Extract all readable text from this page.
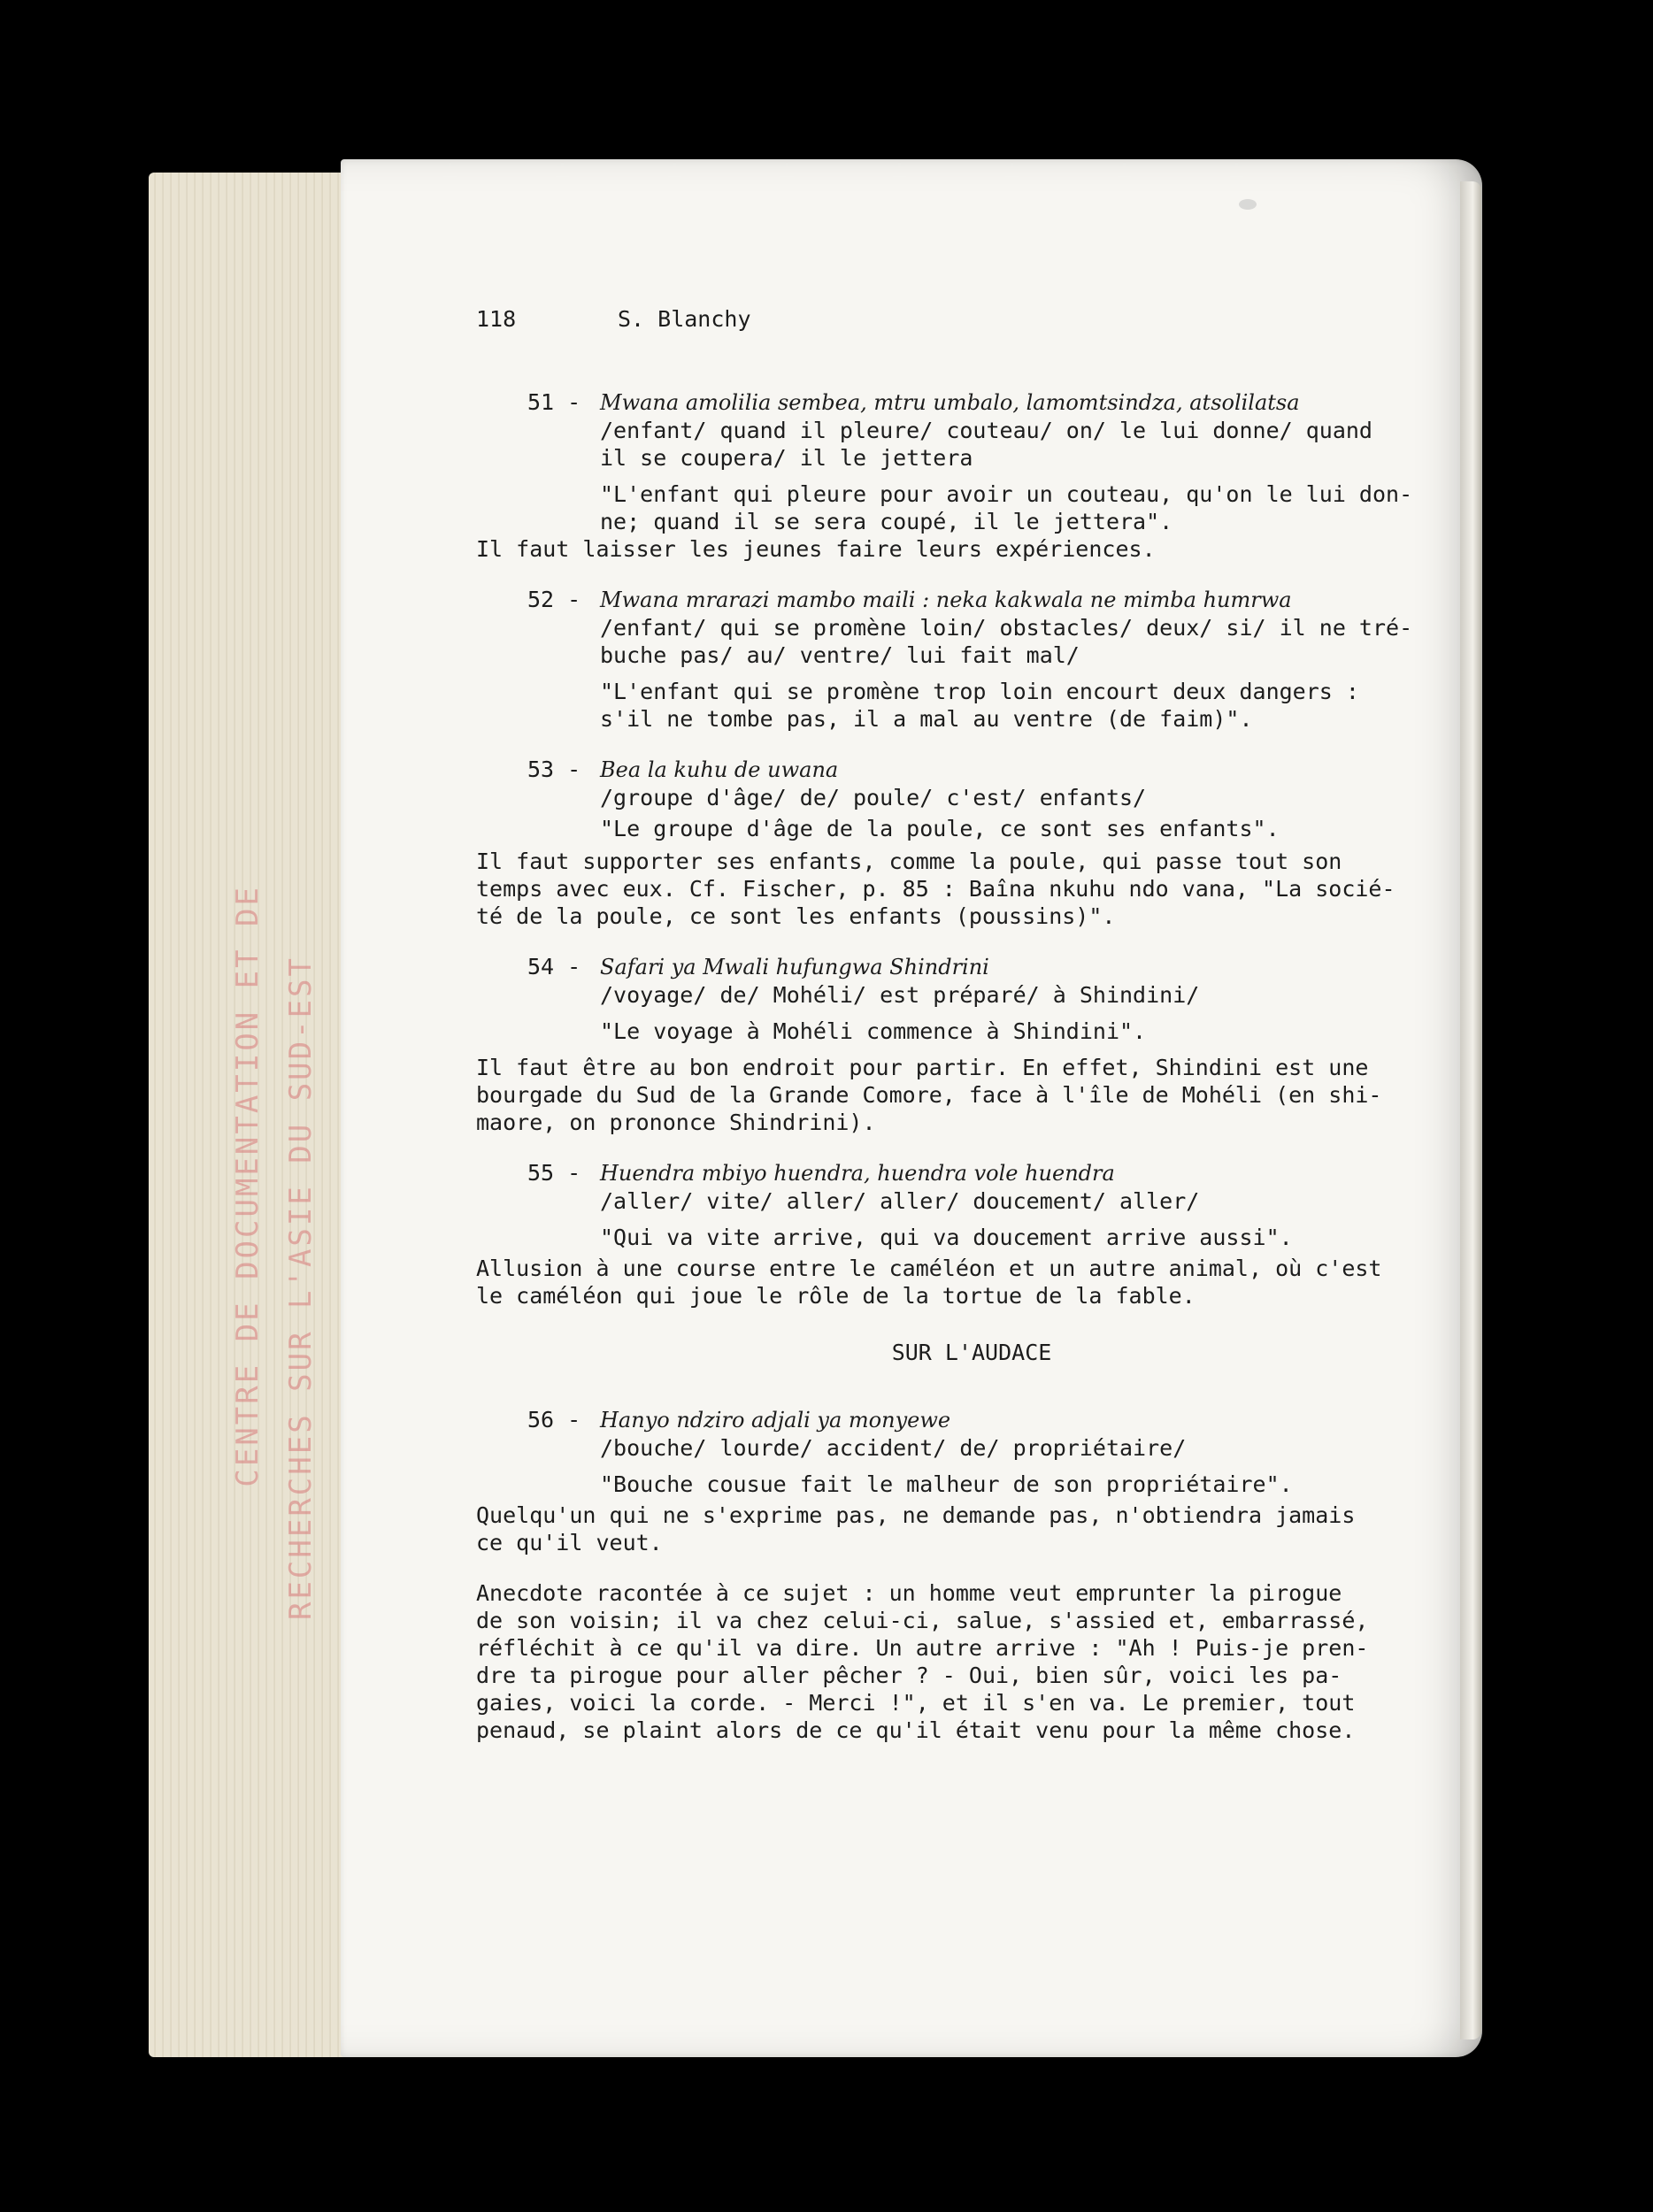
CENTRE DE DOCUMENTATION ET DE RECHERCHES SUR L'ASIE DU SUD-EST
118	S. Blanchy
51 - Mwana amolilia sembea, mtru umbalo, lamomtsindza, atsolilatsa
/enfant/ quand il pleure/ couteau/ on/ le lui donne/ quand
il se coupera/ il le jettera
"L'enfant qui pleure pour avoir un couteau, qu'on le lui don-
ne; quand il se sera coupé, il le jettera".
Il faut laisser les jeunes faire leurs expériences.
52 - Mwana mrarazi mambo maili : neka kakwala ne mimba humrwa
/enfant/ qui se promène loin/ obstacles/ deux/ si/ il ne tré-
buche pas/ au/ ventre/ lui fait mal/
"L'enfant qui se promène trop loin encourt deux dangers :
s'il ne tombe pas, il a mal au ventre (de faim)".
53 - Bea la kuhu de uwana
/groupe d'âge/ de/ poule/ c'est/ enfants/
"Le groupe d'âge de la poule, ce sont ses enfants".
Il faut supporter ses enfants, comme la poule, qui passe tout son
temps avec eux. Cf. Fischer, p. 85 : Baîna nkuhu ndo vana, "La socié-
té de la poule, ce sont les enfants (poussins)".
54 - Safari ya Mwali hufungwa Shindrini
/voyage/ de/ Mohéli/ est préparé/ à Shindini/
"Le voyage à Mohéli commence à Shindini".
Il faut être au bon endroit pour partir. En effet, Shindini est une
bourgade du Sud de la Grande Comore, face à l'île de Mohéli (en shi-
maore, on prononce Shindrini).
55 - Huendra mbiyo huendra, huendra vole huendra
/aller/ vite/ aller/ aller/ doucement/ aller/
"Qui va vite arrive, qui va doucement arrive aussi".
Allusion à une course entre le caméléon et un autre animal, où c'est
le caméléon qui joue le rôle de la tortue de la fable.
SUR L'AUDACE
56 - Hanyo ndziro adjali ya monyewe
/bouche/ lourde/ accident/ de/ propriétaire/
"Bouche cousue fait le malheur de son propriétaire".
Quelqu'un qui ne s'exprime pas, ne demande pas, n'obtiendra jamais
ce qu'il veut.
Anecdote racontée à ce sujet : un homme veut emprunter la pirogue
de son voisin; il va chez celui-ci, salue, s'assied et, embarrassé,
réfléchit à ce qu'il va dire. Un autre arrive : "Ah ! Puis-je pren-
dre ta pirogue pour aller pêcher ? - Oui, bien sûr, voici les pa-
gaies, voici la corde. - Merci !", et il s'en va. Le premier, tout
penaud, se plaint alors de ce qu'il était venu pour la même chose.
